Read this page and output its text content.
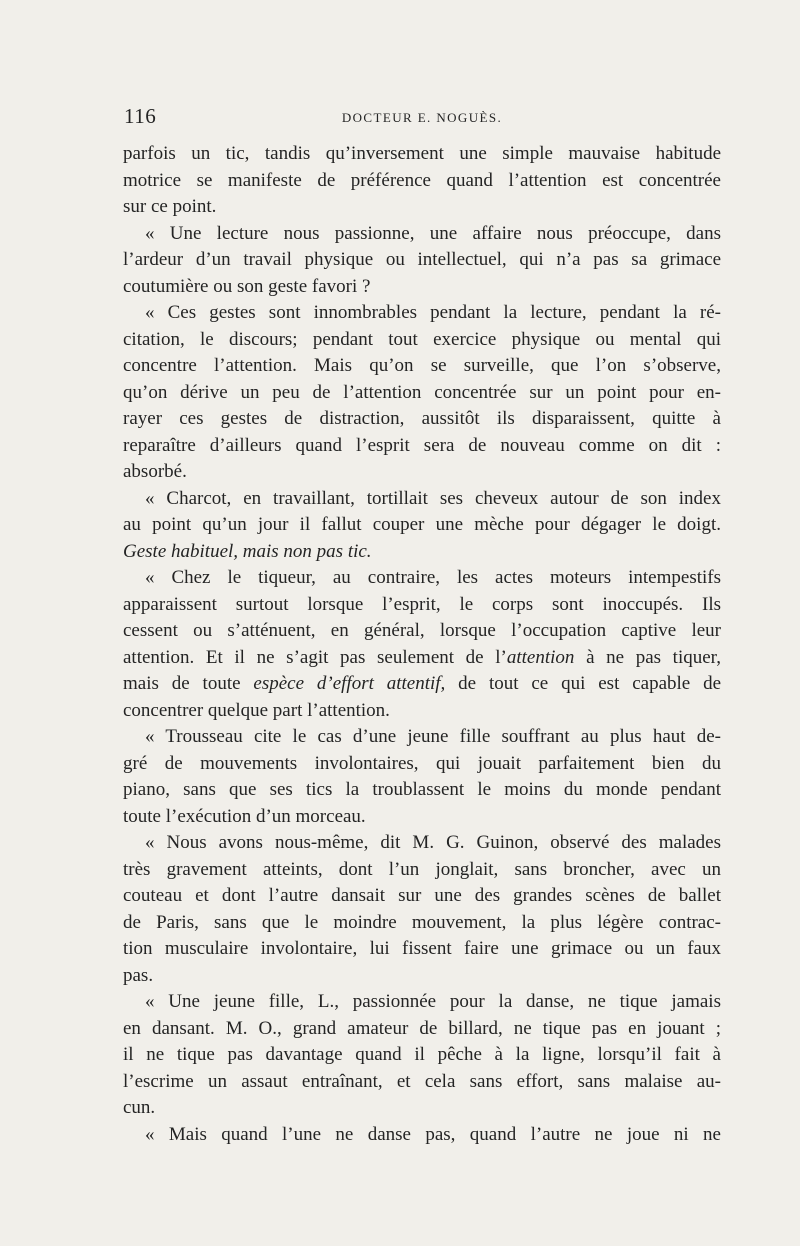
116	DOCTEUR E. NOGUÈS.
parfois un tic, tandis qu’inversement une simple mauvaise habitude
motrice se manifeste de préférence quand l’attention est concentrée
sur ce point.
« Une lecture nous passionne, une affaire nous préoccupe, dans
l’ardeur d’un travail physique ou intellectuel, qui n’a pas sa grimace
coutumière ou son geste favori ?
« Ces gestes sont innombrables pendant la lecture, pendant la ré-
citation, le discours; pendant tout exercice physique ou mental qui
concentre l’attention. Mais qu’on se surveille, que l’on s’observe,
qu’on dérive un peu de l’attention concentrée sur un point pour en-
rayer ces gestes de distraction, aussitôt ils disparaissent, quitte à
reparaître d’ailleurs quand l’esprit sera de nouveau comme on dit :
absorbé.
« Charcot, en travaillant, tortillait ses cheveux autour de son index
au point qu’un jour il fallut couper une mèche pour dégager le doigt.
Geste habituel, mais non pas tic.
« Chez le tiqueur, au contraire, les actes moteurs intempestifs
apparaissent surtout lorsque l’esprit, le corps sont inoccupés. Ils
cessent ou s’atténuent, en général, lorsque l’occupation captive leur
attention. Et il ne s’agit pas seulement de l’attention à ne pas tiquer,
mais de toute espèce d’effort attentif, de tout ce qui est capable de
concentrer quelque part l’attention.
« Trousseau cite le cas d’une jeune fille souffrant au plus haut de-
gré de mouvements involontaires, qui jouait parfaitement bien du
piano, sans que ses tics la troublassent le moins du monde pendant
toute l’exécution d’un morceau.
« Nous avons nous-même, dit M. G. Guinon, observé des malades
très gravement atteints, dont l’un jonglait, sans broncher, avec un
couteau et dont l’autre dansait sur une des grandes scènes de ballet
de Paris, sans que le moindre mouvement, la plus légère contrac-
tion musculaire involontaire, lui fissent faire une grimace ou un faux
pas.
« Une jeune fille, L., passionnée pour la danse, ne tique jamais
en dansant. M. O., grand amateur de billard, ne tique pas en jouant ;
il ne tique pas davantage quand il pêche à la ligne, lorsqu’il fait à
l’escrime un assaut entraînant, et cela sans effort, sans malaise au-
cun.
« Mais quand l’une ne danse pas, quand l’autre ne joue ni ne
